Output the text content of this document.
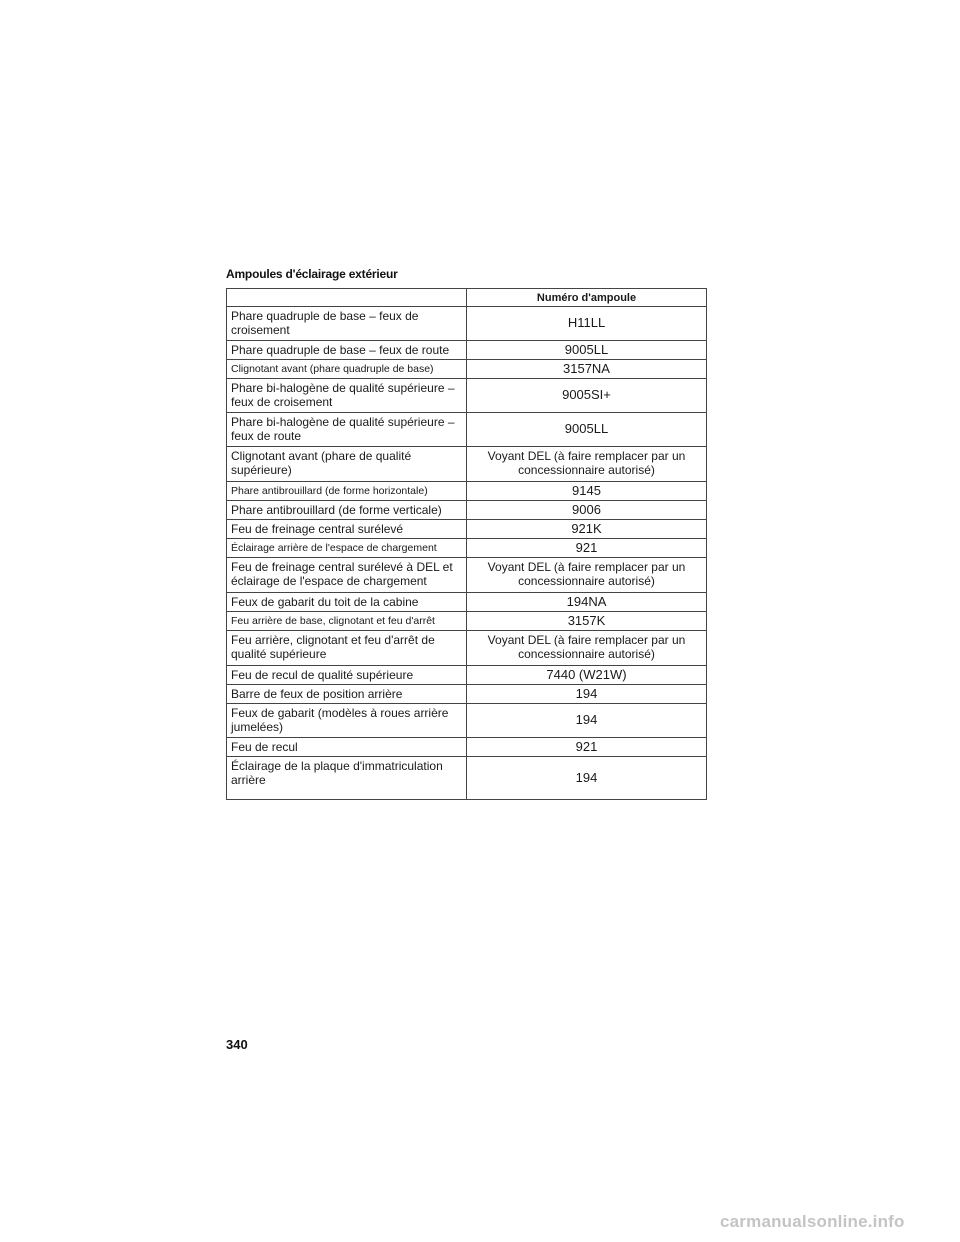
Ampoules d'éclairage extérieur
	Numéro d'ampoule
Phare quadruple de base – feux de croisement	H11LL
Phare quadruple de base – feux de route	9005LL
Clignotant avant (phare quadruple de base)	3157NA
Phare bi-halogène de qualité supérieure – feux de croisement	9005SI+
Phare bi-halogène de qualité supérieure – feux de route	9005LL
Clignotant avant (phare de qualité supérieure)	Voyant DEL (à faire remplacer par un concessionnaire autorisé)
Phare antibrouillard (de forme horizontale)	9145
Phare antibrouillard (de forme verticale)	9006
Feu de freinage central surélevé	921K
Éclairage arrière de l'espace de chargement	921
Feu de freinage central surélevé à DEL et éclairage de l'espace de chargement	Voyant DEL (à faire remplacer par un concessionnaire autorisé)
Feux de gabarit du toit de la cabine	194NA
Feu arrière de base, clignotant et feu d'arrêt	3157K
Feu arrière, clignotant et feu d'arrêt de qualité supérieure	Voyant DEL (à faire remplacer par un concessionnaire autorisé)
Feu de recul de qualité supérieure	7440 (W21W)
Barre de feux de position arrière	194
Feux de gabarit (modèles à roues arrière jumelées)	194
Feu de recul	921
Éclairage de la plaque d'immatriculation arrière	194
340
carmanualsonline.info
